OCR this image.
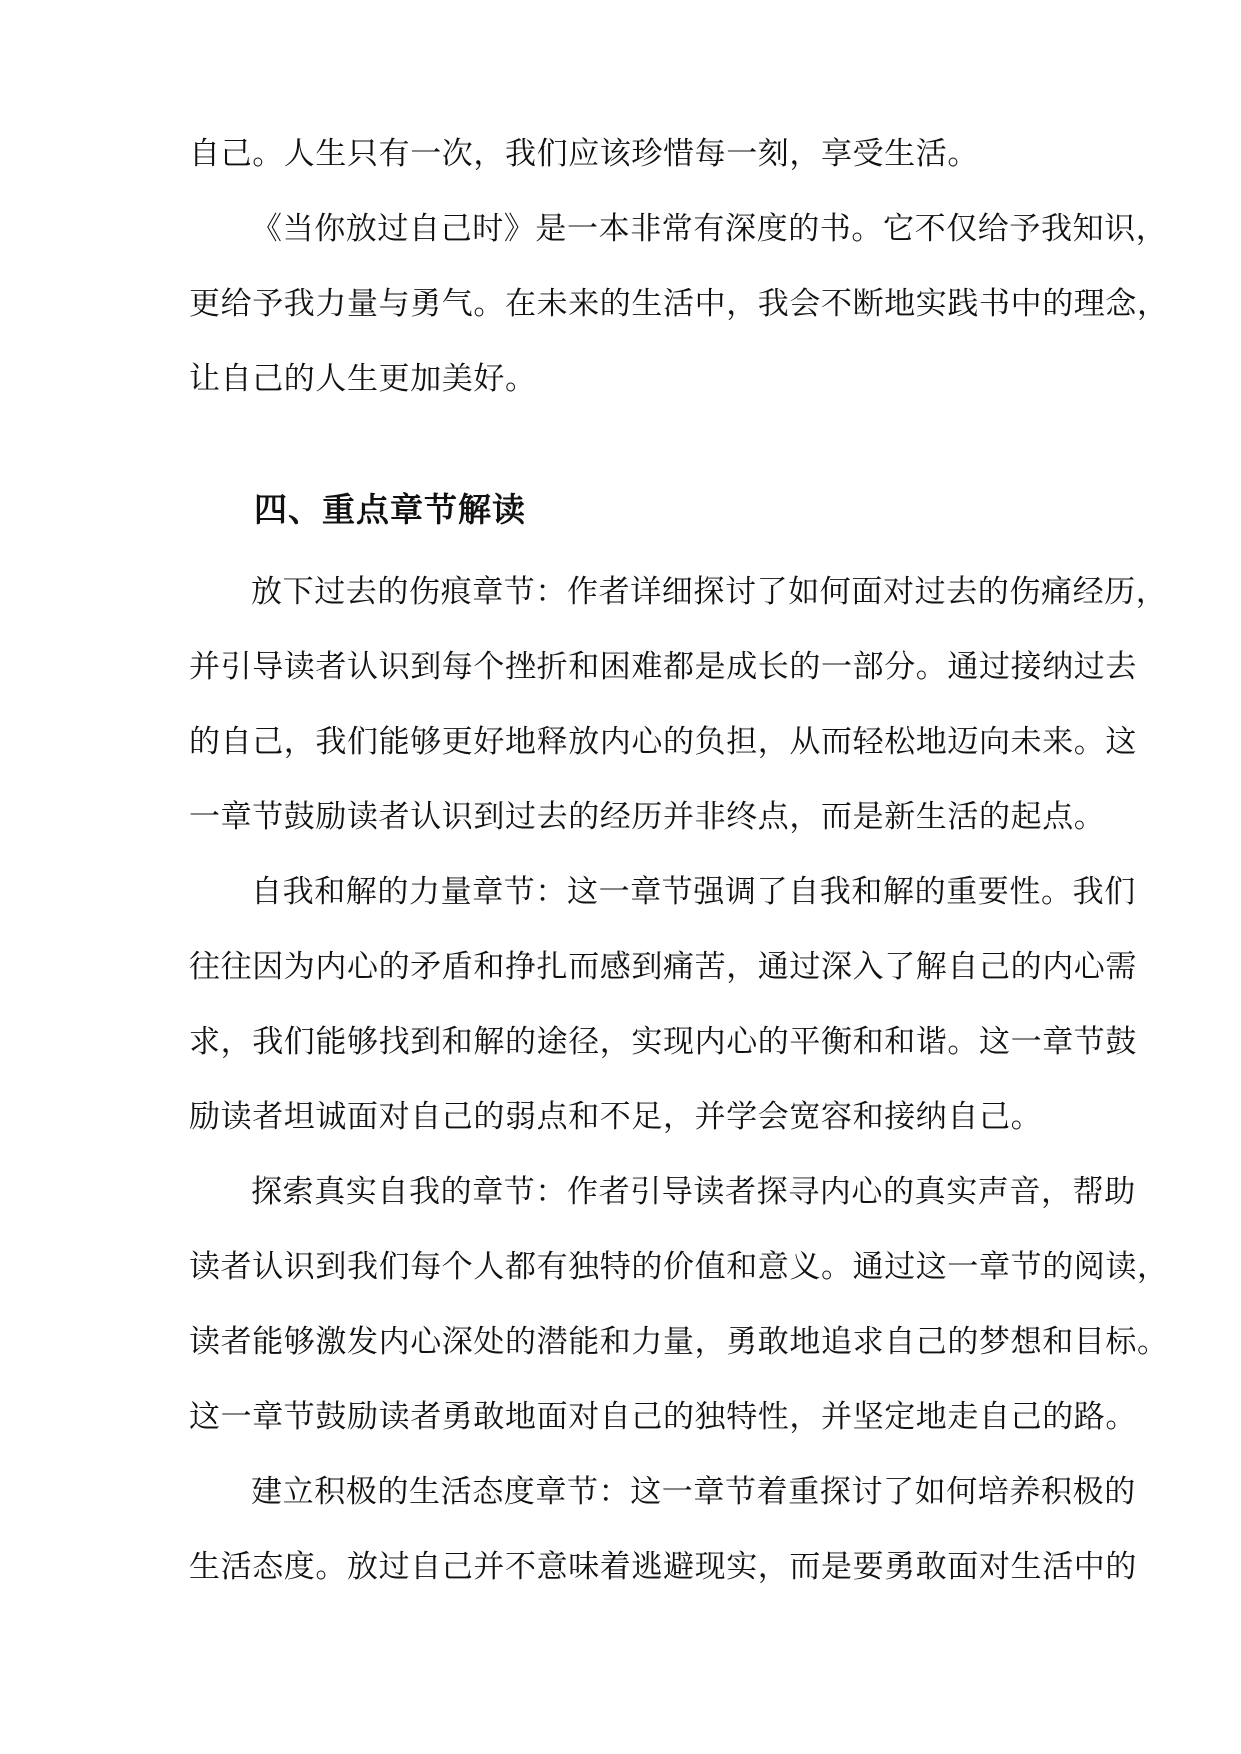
自己。人生只有一次，我们应该珍惜每一刻，享受生活。
《当你放过自己时》是一本非常有深度的书。它不仅给予我知识，
更给予我力量与勇气。在未来的生活中，我会不断地实践书中的理念，
让自己的人生更加美好。
四、重点章节解读
放下过去的伤痕章节：作者详细探讨了如何面对过去的伤痛经历，
并引导读者认识到每个挫折和困难都是成长的一部分。通过接纳过去
的自己，我们能够更好地释放内心的负担，从而轻松地迈向未来。这
一章节鼓励读者认识到过去的经历并非终点，而是新生活的起点。
自我和解的力量章节：这一章节强调了自我和解的重要性。我们
往往因为内心的矛盾和挣扎而感到痛苦，通过深入了解自己的内心需
求，我们能够找到和解的途径，实现内心的平衡和和谐。这一章节鼓
励读者坦诚面对自己的弱点和不足，并学会宽容和接纳自己。
探索真实自我的章节：作者引导读者探寻内心的真实声音，帮助
读者认识到我们每个人都有独特的价值和意义。通过这一章节的阅读，
读者能够激发内心深处的潜能和力量，勇敢地追求自己的梦想和目标。
这一章节鼓励读者勇敢地面对自己的独特性，并坚定地走自己的路。
建立积极的生活态度章节：这一章节着重探讨了如何培养积极的
生活态度。放过自己并不意味着逃避现实，而是要勇敢面对生活中的
